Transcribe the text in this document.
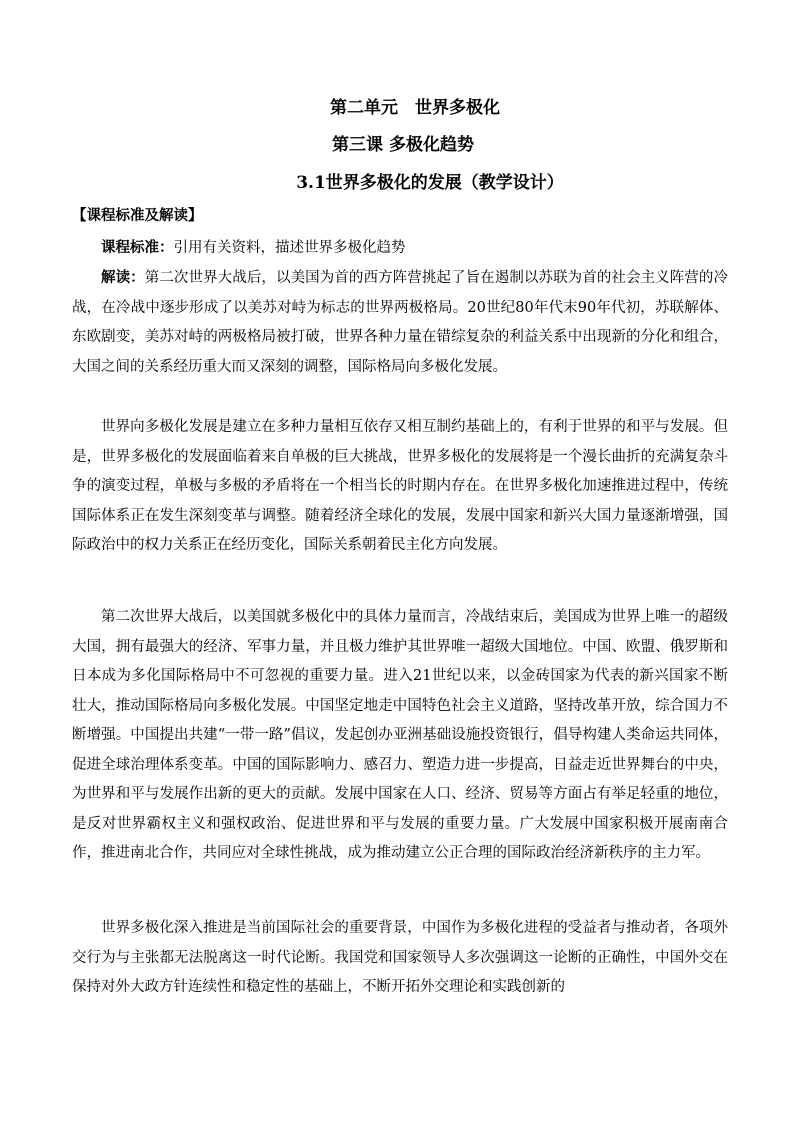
第二单元　世界多极化
第三课 多极化趋势
3.1世界多极化的发展（教学设计）
【课程标准及解读】

课程标准：引用有关资料，描述世界多极化趋势

解读：第二次世界大战后，以美国为首的西方阵营挑起了旨在遏制以苏联为首的社会主义阵营的冷战，在冷战中逐步形成了以美苏对峙为标志的世界两极格局。20世纪80年代末90年代初，苏联解体、东欧剧变，美苏对峙的两极格局被打破，世界各种力量在错综复杂的利益关系中出现新的分化和组合，大国之间的关系经历重大而又深刻的调整，国际格局向多极化发展。

世界向多极化发展是建立在多种力量相互依存又相互制约基础上的，有利于世界的和平与发展。但是，世界多极化的发展面临着来自单极的巨大挑战，世界多极化的发展将是一个漫长曲折的充满复杂斗争的演变过程，单极与多极的矛盾将在一个相当长的时期内存在。在世界多极化加速推进过程中，传统国际体系正在发生深刻变革与调整。随着经济全球化的发展，发展中国家和新兴大国力量逐渐增强，国际政治中的权力关系正在经历变化，国际关系朝着民主化方向发展。

第二次世界大战后，以美国就多极化中的具体力量而言，冷战结束后，美国成为世界上唯一的超级大国，拥有最强大的经济、军事力量，并且极力维护其世界唯一超级大国地位。中国、欧盟、俄罗斯和日本成为多化国际格局中不可忽视的重要力量。进入21世纪以来，以金砖国家为代表的新兴国家不断壮大，推动国际格局向多极化发展。中国坚定地走中国特色社会主义道路，坚持改革开放，综合国力不断增强。中国提出共建“一带一路”倡议，发起创办亚洲基础设施投资银行，倡导构建人类命运共同体，促进全球治理体系变革。中国的国际影响力、感召力、塑造力进一步提高，日益走近世界舞台的中央，为世界和平与发展作出新的更大的贡献。发展中国家在人口、经济、贸易等方面占有举足轻重的地位，是反对世界霸权主义和强权政治、促进世界和平与发展的重要力量。广大发展中国家积极开展南南合作，推进南北合作，共同应对全球性挑战，成为推动建立公正合理的国际政治经济新秩序的主力军。

世界多极化深入推进是当前国际社会的重要背景，中国作为多极化进程的受益者与推动者，各项外交行为与主张都无法脱离这一时代论断。我国党和国家领导人多次强调这一论断的正确性，中国外交在保持对外大政方针连续性和稳定性的基础上，不断开拓外交理论和实践创新的
